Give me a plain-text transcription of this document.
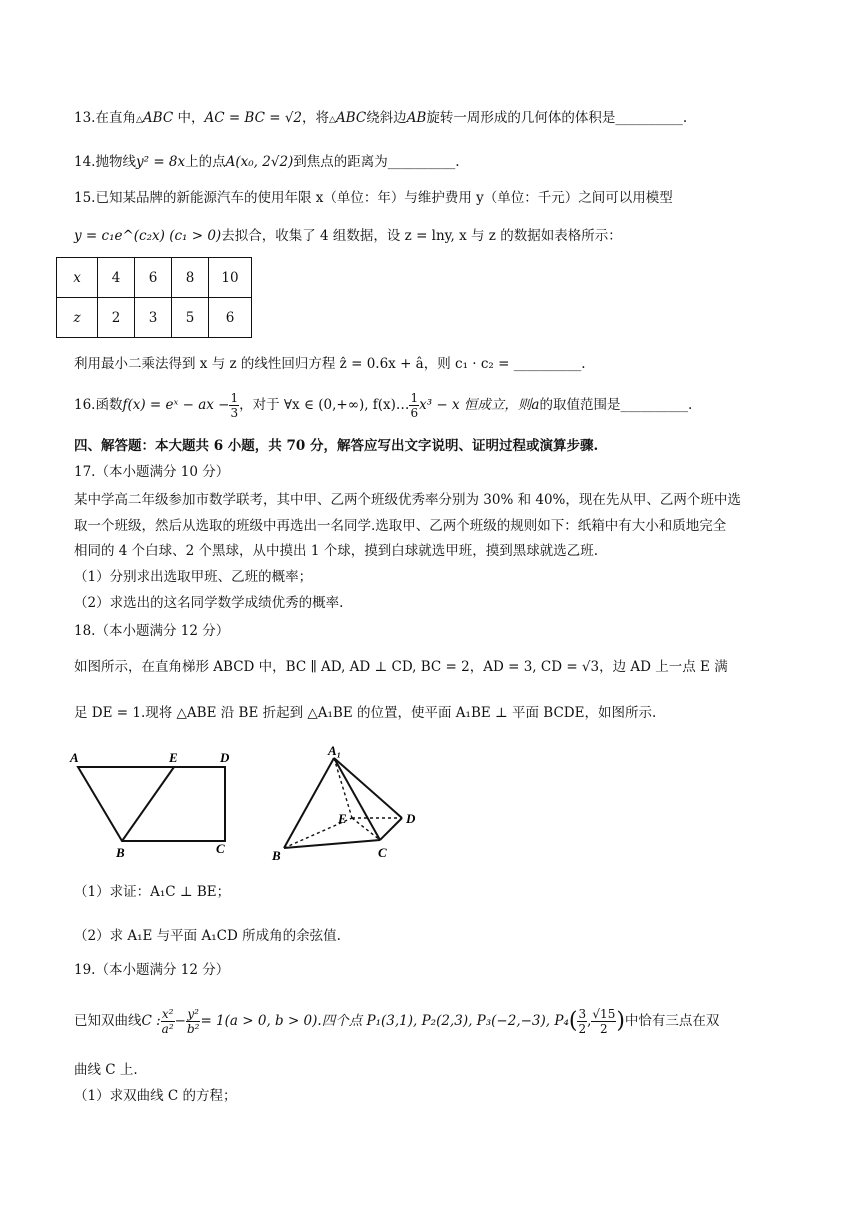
13.在直角△ABC 中，AC = BC = √2，将△ABC绕斜边AB旋转一周形成的几何体的体积是__________.
14.抛物线y² = 8x上的点A(x₀, 2√2)到焦点的距离为__________.
15.已知某品牌的新能源汽车的使用年限 x（单位：年）与维护费用 y（单位：千元）之间可以用模型
y = c₁e^(c₂x) (c₁ > 0)去拟合，收集了 4 组数据，设 z = lny, x 与 z 的数据如表格所示：
x	4	6	8	10
z	2	3	5	6
利用最小二乘法得到 x 与 z 的线性回归方程 ẑ = 0.6x + â，则 c₁ · c₂ = __________.
16.函数f(x) = eˣ − ax − $\frac{1}{3}$ ，对于 ∀x ∈ (0,+∞), f(x)… $\frac{1}{6} x^3 - x$ 恒成立，则a的取值范围是__________.
四、解答题：本大题共 6 小题，共 70 分，解答应写出文字说明、证明过程或演算步骤.
17.（本小题满分 10 分）
某中学高二年级参加市数学联考，其中甲、乙两个班级优秀率分别为 30% 和 40%，现在先从甲、乙两个班中选
取一个班级，然后从选取的班级中再选出一名同学.选取甲、乙两个班级的规则如下：纸箱中有大小和质地完全
相同的 4 个白球、2 个黑球，从中摸出 1 个球，摸到白球就选甲班，摸到黑球就选乙班.
（1）分别求出选取甲班、乙班的概率；
（2）求选出的这名同学数学成绩优秀的概率.
18.（本小题满分 12 分）
如图所示，在直角梯形 ABCD 中，BC ∥ AD, AD ⊥ CD, BC = 2，AD = 3, CD = √3，边 AD 上一点 E 满
足 DE = 1.现将 △ABE 沿 BE 折起到 △A₁BE 的位置，使平面 A₁BE ⊥ 平面 BCDE，如图所示.
A	E	D
B	C
A₁
E	D
B	C
（1）求证：A₁C ⊥ BE；
（2）求 A₁E 与平面 A₁CD 所成角的余弦值.
19.（本小题满分 12 分）
已知双曲线C : $\frac{\text{x²}}{\text{a²}} - \frac{\text{y²}}{\text{b²}} = 1(a > 0$, b > 0).四个点 P₁(3,1), P₂(2,3), P₃(−2,−3), $P_4( \frac{3}{2}$ , $\frac{√15}{2}$ )中恰有三点在双
曲线 C 上.
（1）求双曲线 C 的方程；
